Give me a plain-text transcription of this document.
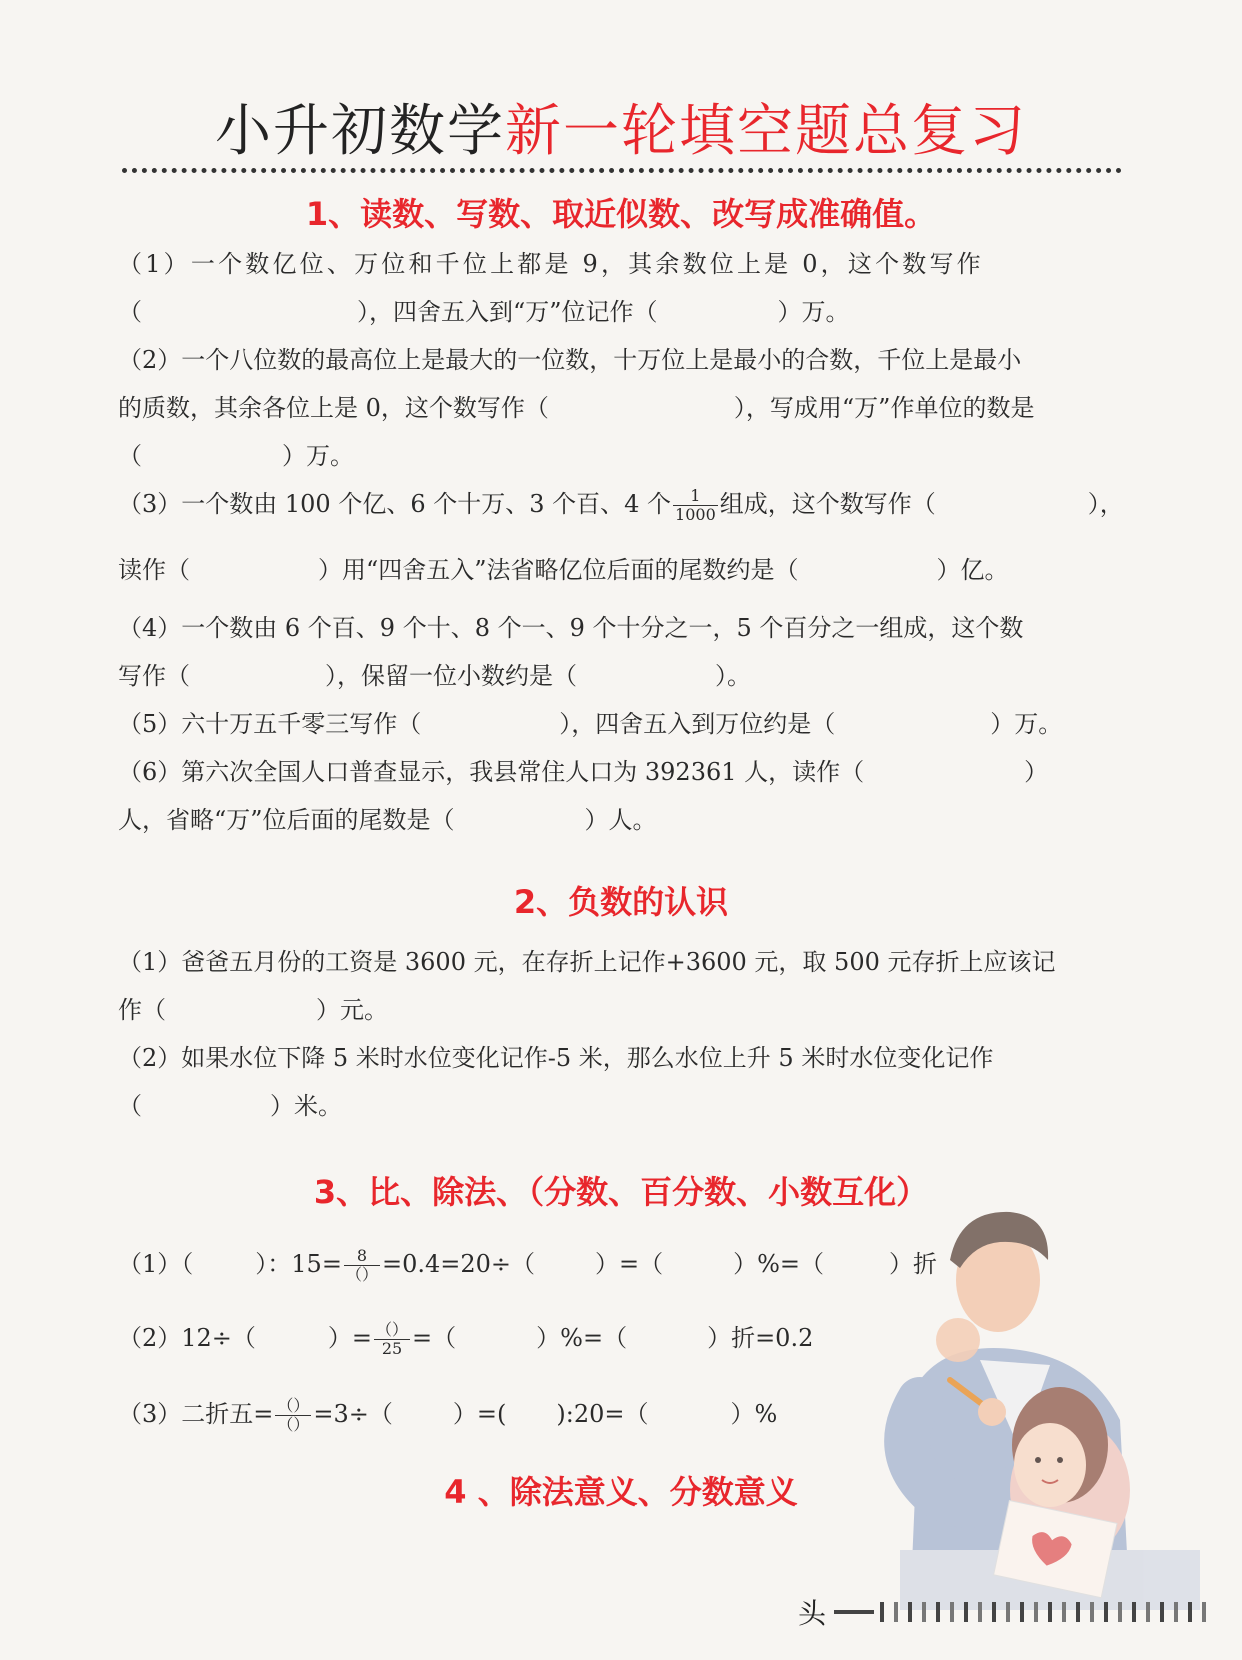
小升初数学新一轮填空题总复习
1、读数、写数、取近似数、改写成准确值。
（1）一个数亿位、万位和千位上都是 9，其余数位上是 0，这个数写作
（	），四舍五入到“万”位记作（	）万。
（2）一个八位数的最高位上是最大的一位数，十万位上是最小的合数，千位上是最小
的质数，其余各位上是 0，这个数写作（	），写成用“万”作单位的数是
（	）万。
（3）一个数由 100 个亿、6 个十万、3 个百、4 个 $\frac{1}{1000}$ 组成，这个数写作（	），
读作（	）用“四舍五入”法省略亿位后面的尾数约是（	）亿。
（4）一个数由 6 个百、9 个十、8 个一、9 个十分之一，5 个百分之一组成，这个数
写作（	），保留一位小数约是（	）。
（5）六十万五千零三写作（	），四舍五入到万位约是（	）万。
（6）第六次全国人口普查显示，我县常住人口为 392361 人，读作（	）
人，省略“万”位后面的尾数是（	）人。
2、负数的认识
（1）爸爸五月份的工资是 3600 元，在存折上记作+3600 元，取 500 元存折上应该记
作（	）元。
（2）如果水位下降 5 米时水位变化记作-5 米，那么水位上升 5 米时水位变化记作
（	）米。
3、比、除法、（分数、百分数、小数互化）
（1）（	）：$15= \frac{8}{()} =0.4=20\div$（	）=（	）%=（	）折
（2）12÷（	）= $\frac{()}{25}$ =（	）%=（	）折=0.2
（3）二折五= $\frac{()}{()} =3\div$（	）=( ):20=（	）%
4 、除法意义、分数意义
头
